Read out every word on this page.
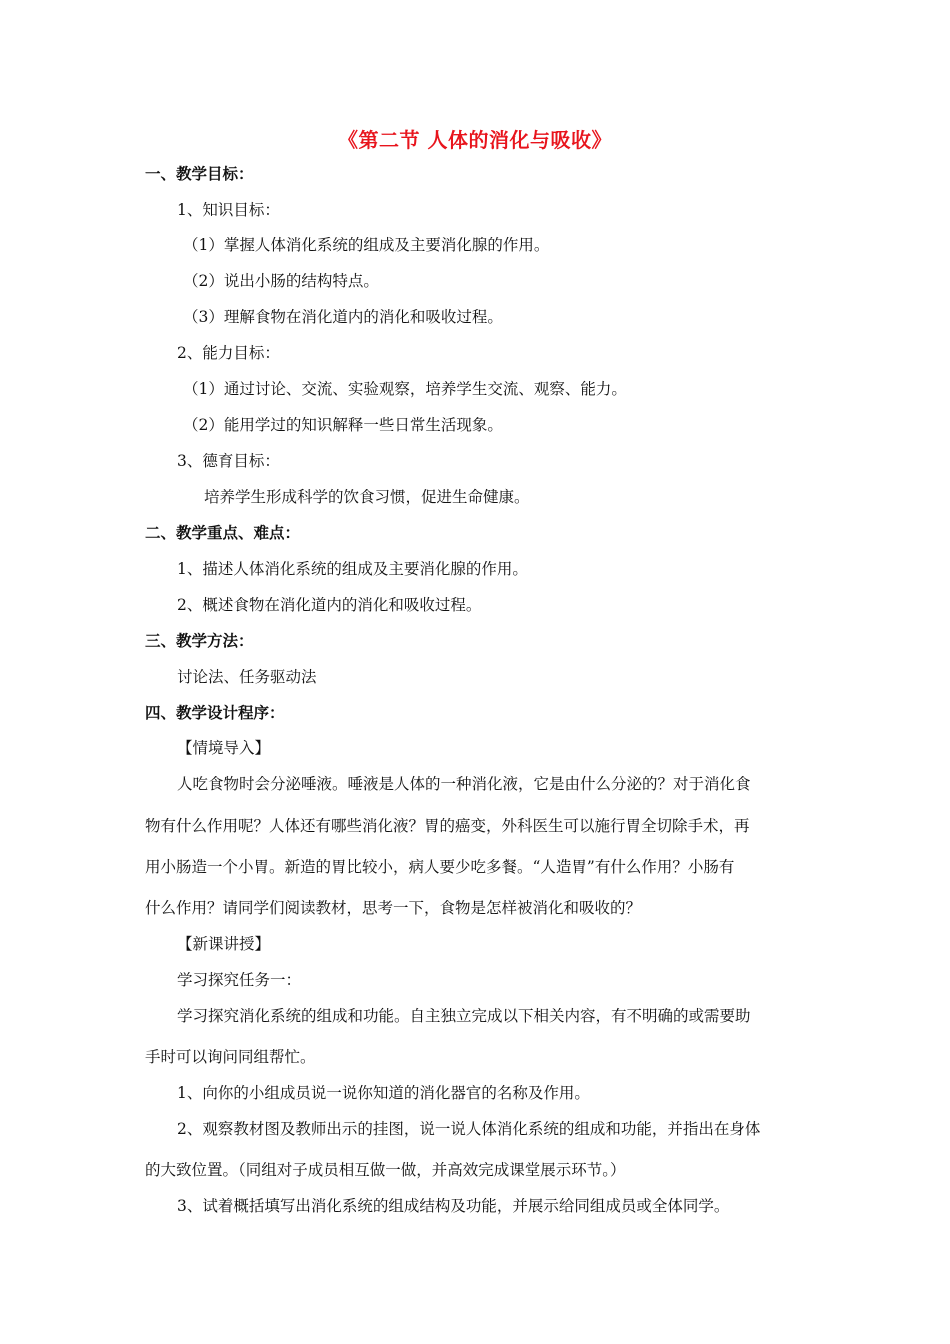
《第二节 人体的消化与吸收》
一、教学目标：
1、知识目标：
（1）掌握人体消化系统的组成及主要消化腺的作用。
（2）说出小肠的结构特点。
（3）理解食物在消化道内的消化和吸收过程。
2、能力目标：
（1）通过讨论、交流、实验观察，培养学生交流、观察、能力。
（2）能用学过的知识解释一些日常生活现象。
3、德育目标：
培养学生形成科学的饮食习惯，促进生命健康。
二、教学重点、难点：
1、描述人体消化系统的组成及主要消化腺的作用。
2、概述食物在消化道内的消化和吸收过程。
三、教学方法：
讨论法、任务驱动法
四、教学设计程序：
【情境导入】
人吃食物时会分泌唾液。唾液是人体的一种消化液，它是由什么分泌的？对于消化食
物有什么作用呢？人体还有哪些消化液？胃的癌变，外科医生可以施行胃全切除手术，再
用小肠造一个小胃。新造的胃比较小，病人要少吃多餐。“人造胃”有什么作用？小肠有
什么作用？请同学们阅读教材，思考一下，食物是怎样被消化和吸收的？
【新课讲授】
学习探究任务一：
学习探究消化系统的组成和功能。自主独立完成以下相关内容，有不明确的或需要助
手时可以询问同组帮忙。
1、向你的小组成员说一说你知道的消化器官的名称及作用。
2、观察教材图及教师出示的挂图，说一说人体消化系统的组成和功能，并指出在身体
的大致位置。（同组对子成员相互做一做，并高效完成课堂展示环节。）
3、试着概括填写出消化系统的组成结构及功能，并展示给同组成员或全体同学。
